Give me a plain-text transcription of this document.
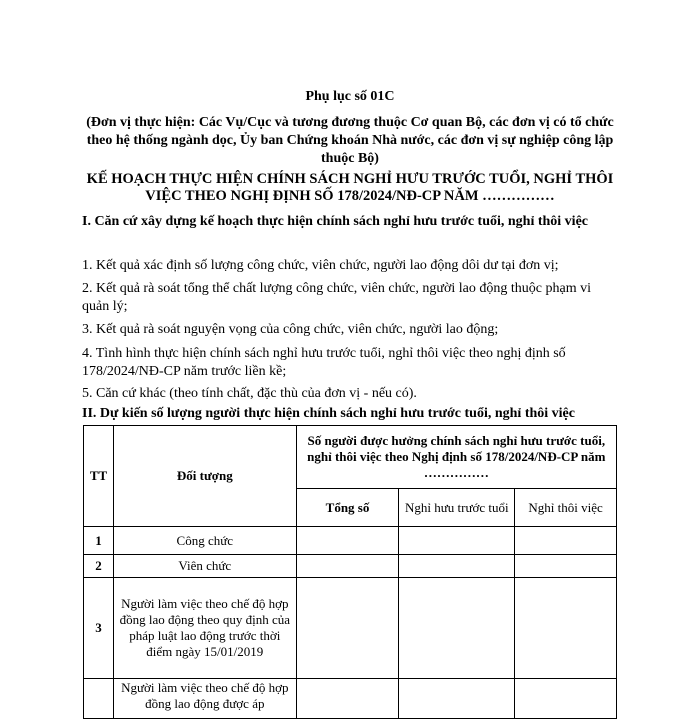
Phụ lục số 01C
(Đơn vị thực hiện: Các Vụ/Cục và tương đương thuộc Cơ quan Bộ, các đơn vị có tổ chức theo hệ thống ngành dọc, Ủy ban Chứng khoán Nhà nước, các đơn vị sự nghiệp công lập thuộc Bộ)
KẾ HOẠCH THỰC HIỆN CHÍNH SÁCH NGHỈ HƯU TRƯỚC TUỔI, NGHỈ THÔI VIỆC THEO NGHỊ ĐỊNH SỐ 178/2024/NĐ-CP NĂM ……………
I. Căn cứ xây dựng kế hoạch thực hiện chính sách nghỉ hưu trước tuổi, nghỉ thôi việc
1. Kết quả xác định số lượng công chức, viên chức, người lao động dôi dư tại đơn vị;
2. Kết quả rà soát tổng thể chất lượng công chức, viên chức, người lao động thuộc phạm vi quản lý;
3. Kết quả rà soát nguyện vọng của công chức, viên chức, người lao động;
4. Tình hình thực hiện chính sách nghỉ hưu trước tuổi, nghỉ thôi việc theo nghị định số 178/2024/NĐ-CP năm trước liền kề;
5. Căn cứ khác (theo tính chất, đặc thù của đơn vị - nếu có).
II. Dự kiến số lượng người thực hiện chính sách nghỉ hưu trước tuổi, nghỉ thôi việc
TT	Đối tượng	Số người được hưởng chính sách nghỉ hưu trước tuổi, nghỉ thôi việc theo Nghị định số 178/2024/NĐ-CP năm ……………		
		Tổng số	Nghỉ hưu trước tuổi	Nghỉ thôi việc
1	Công chức			
2	Viên chức			
3	Người làm việc theo chế độ hợp đồng lao động theo quy định của pháp luật lao động trước thời điểm ngày 15/01/2019			
	Người làm việc theo chế độ hợp đồng lao động được áp			
